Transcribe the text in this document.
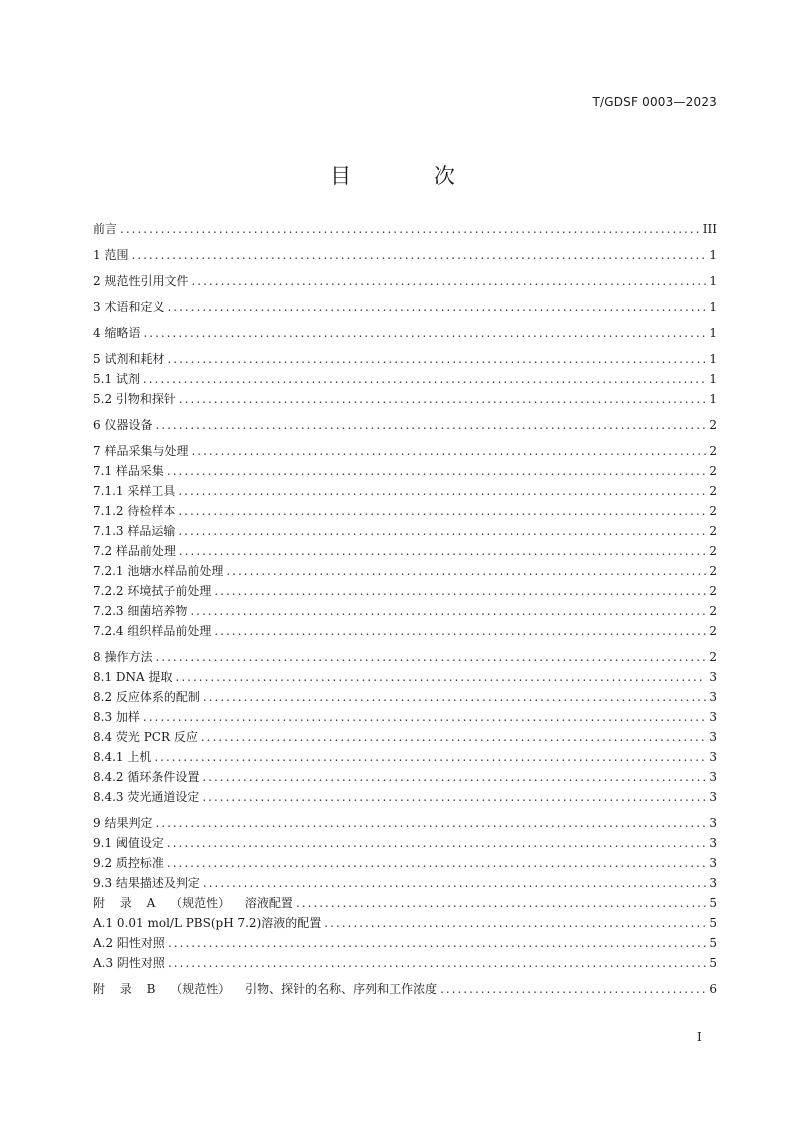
T/GDSF 0003—2023
目 次
前言 .....	III
1 范围 .....	1
2 规范性引用文件 .....	1
3 术语和定义 .....	1
4 缩略语 .....	1
5 试剂和耗材 .....	1
5.1 试剂 .....	1
5.2 引物和探针 .....	1
6 仪器设备 .....	2
7 样品采集与处理 .....	2
7.1 样品采集 .....	2
7.1.1 采样工具 .....	2
7.1.2 待检样本 .....	2
7.1.3 样品运输 .....	2
7.2 样品前处理 .....	2
7.2.1 池塘水样品前处理 .....	2
7.2.2 环境拭子前处理 .....	2
7.2.3 细菌培养物 .....	2
7.2.4 组织样品前处理 .....	2
8 操作方法 .....	2
8.1 DNA 提取 .....	3
8.2 反应体系的配制 .....	3
8.3 加样 .....	3
8.4 荧光 PCR 反应 .....	3
8.4.1 上机 .....	3
8.4.2 循环条件设置 .....	3
8.4.3 荧光通道设定 .....	3
9 结果判定 .....	3
9.1 阈值设定 .....	3
9.2 质控标准 .....	3
9.3 结果描述及判定 .....	3
附 录 A （规范性） 溶液配置 .....	5
A.1 0.01 mol/L PBS(pH 7.2)溶液的配置 .....	5
A.2 阳性对照 .....	5
A.3 阴性对照 .....	5
附 录 B （规范性） 引物、探针的名称、序列和工作浓度 .....	6
I
